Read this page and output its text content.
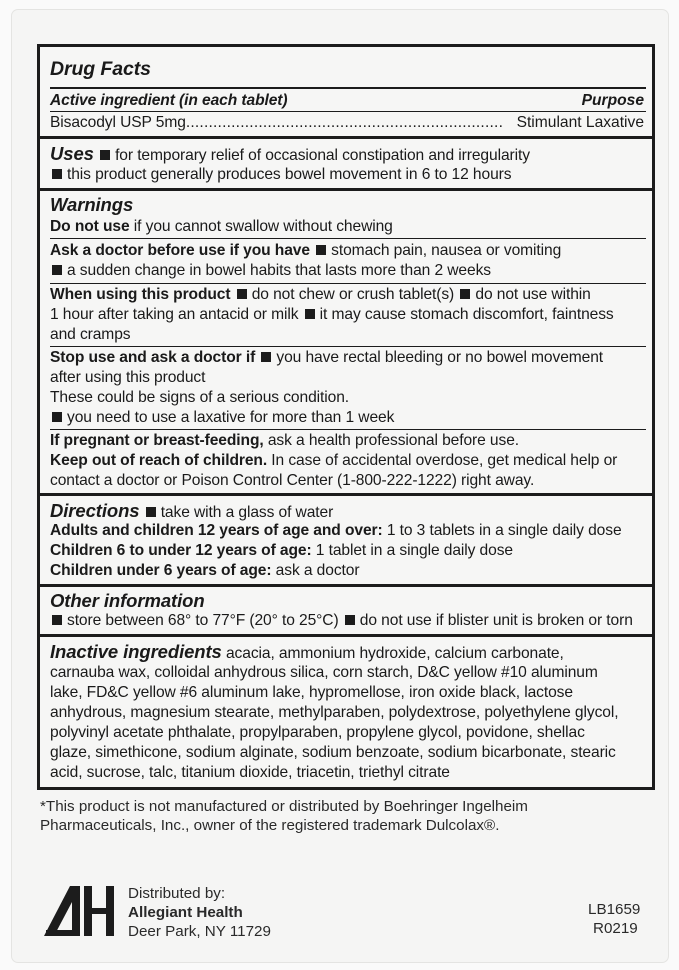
Drug Facts
Active ingredient (in each tablet)	Purpose
Bisacodyl USP 5mg...................................................................... Stimulant Laxative
Uses for temporary relief of occasional constipation and irregularity
this product generally produces bowel movement in 6 to 12 hours
Warnings
Do not use if you cannot swallow without chewing
Ask a doctor before use if you have stomach pain, nausea or vomiting
a sudden change in bowel habits that lasts more than 2 weeks
When using this product do not chew or crush tablet(s) do not use within
1 hour after taking an antacid or milk it may cause stomach discomfort, faintness
and cramps
Stop use and ask a doctor if you have rectal bleeding or no bowel movement
after using this product
These could be signs of a serious condition.
you need to use a laxative for more than 1 week
If pregnant or breast-feeding, ask a health professional before use.
Keep out of reach of children. In case of accidental overdose, get medical help or
contact a doctor or Poison Control Center (1-800-222-1222) right away.
Directions take with a glass of water
Adults and children 12 years of age and over: 1 to 3 tablets in a single daily dose
Children 6 to under 12 years of age: 1 tablet in a single daily dose
Children under 6 years of age: ask a doctor
Other information
store between 68° to 77°F (20° to 25°C) do not use if blister unit is broken or torn
Inactive ingredients acacia, ammonium hydroxide, calcium carbonate,
carnauba wax, colloidal anhydrous silica, corn starch, D&C yellow #10 aluminum
lake, FD&C yellow #6 aluminum lake, hypromellose, iron oxide black, lactose
anhydrous, magnesium stearate, methylparaben, polydextrose, polyethylene glycol,
polyvinyl acetate phthalate, propylparaben, propylene glycol, povidone, shellac
glaze, simethicone, sodium alginate, sodium benzoate, sodium bicarbonate, stearic
acid, sucrose, talc, titanium dioxide, triacetin, triethyl citrate
*This product is not manufactured or distributed by Boehringer Ingelheim
Pharmaceuticals, Inc., owner of the registered trademark Dulcolax®.
Distributed by:
Allegiant Health
Deer Park, NY 11729
LB1659
R0219
